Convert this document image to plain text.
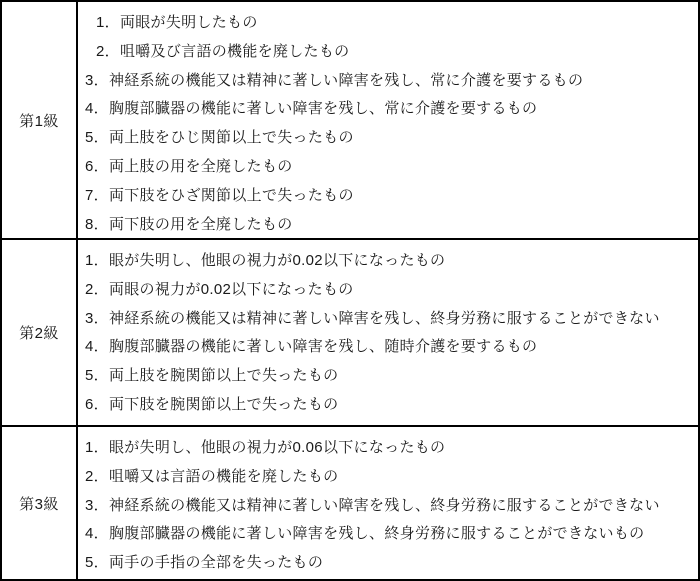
第1級
1．両眼が失明したもの
2．咀嚼及び言語の機能を廃したもの
3．神経系統の機能又は精神に著しい障害を残し、常に介護を要するもの
4．胸腹部臓器の機能に著しい障害を残し、常に介護を要するもの
5．両上肢をひじ関節以上で失ったもの
6．両上肢の用を全廃したもの
7．両下肢をひざ関節以上で失ったもの
8．両下肢の用を全廃したもの
第2級
1．眼が失明し、他眼の視力が0.02以下になったもの
2．両眼の視力が0.02以下になったもの
3．神経系統の機能又は精神に著しい障害を残し、終身労務に服することができない
4．胸腹部臓器の機能に著しい障害を残し、随時介護を要するもの
5．両上肢を腕関節以上で失ったもの
6．両下肢を腕関節以上で失ったもの
第3級
1．眼が失明し、他眼の視力が0.06以下になったもの
2．咀嚼又は言語の機能を廃したもの
3．神経系統の機能又は精神に著しい障害を残し、終身労務に服することができない
4．胸腹部臓器の機能に著しい障害を残し、終身労務に服することができないもの
5．両手の手指の全部を失ったもの
